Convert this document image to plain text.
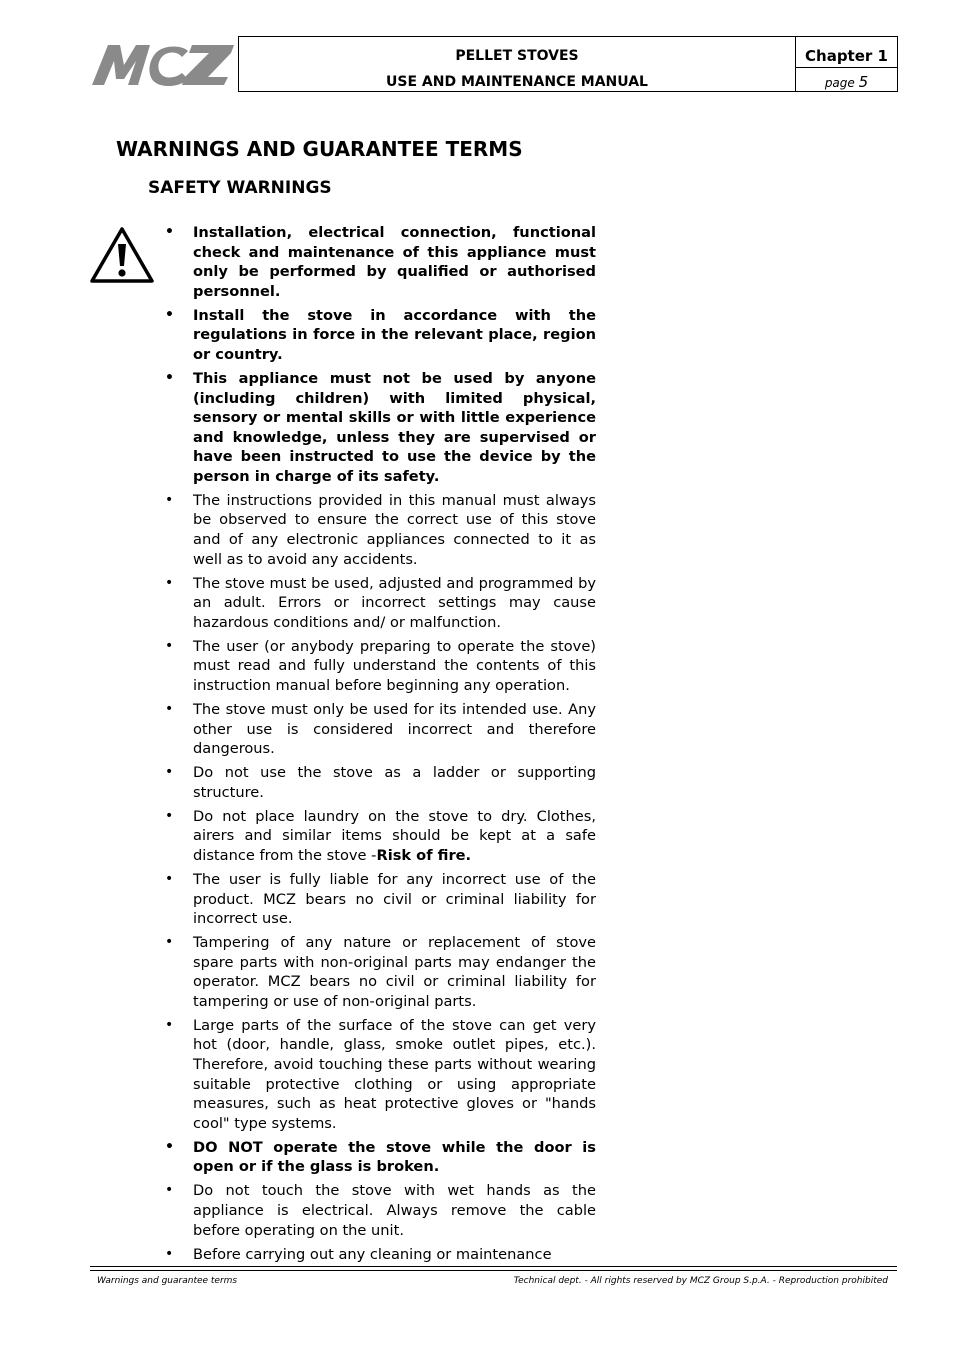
PELLET STOVES
USE AND MAINTENANCE MANUAL
Chapter 1
page 5
WARNINGS AND GUARANTEE TERMS
SAFETY WARNINGS
• Installation, electrical connection, functional check and maintenance of this appliance must only be performed by qualified or authorised personnel.
• Install the stove in accordance with the regulations in force in the relevant place, region or country.
• This appliance must not be used by anyone (including children) with limited physical, sensory or mental skills or with little experience and knowledge, unless they are supervised or have been instructed to use the device by the person in charge of its safety.
• The instructions provided in this manual must always be observed to ensure the correct use of this stove and of any electronic appliances connected to it as well as to avoid any accidents.
• The stove must be used, adjusted and programmed by an adult. Errors or incorrect settings may cause hazardous conditions and/ or malfunction.
• The user (or anybody preparing to operate the stove) must read and fully understand the contents of this instruction manual before beginning any operation.
• The stove must only be used for its intended use. Any other use is considered incorrect and therefore dangerous.
• Do not use the stove as a ladder or supporting structure.
• Do not place laundry on the stove to dry. Clothes, airers and similar items should be kept at a safe distance from the stove -Risk of fire.
• The user is fully liable for any incorrect use of the product. MCZ bears no civil or criminal liability for incorrect use.
• Tampering of any nature or replacement of stove spare parts with non-original parts may endanger the operator. MCZ bears no civil or criminal liability for tampering or use of non-original parts.
• Large parts of the surface of the stove can get very hot (door, handle, glass, smoke outlet pipes, etc.). Therefore, avoid touching these parts without wearing suitable protective clothing or using appropriate measures, such as heat protective gloves or "hands cool" type systems.
• DO NOT operate the stove while the door is open or if the glass is broken.
• Do not touch the stove with wet hands as the appliance is electrical. Always remove the cable before operating on the unit.
• Before carrying out any cleaning or maintenance
Warnings and guarantee terms	Technical dept. - All rights reserved by MCZ Group S.p.A. - Reproduction prohibited
